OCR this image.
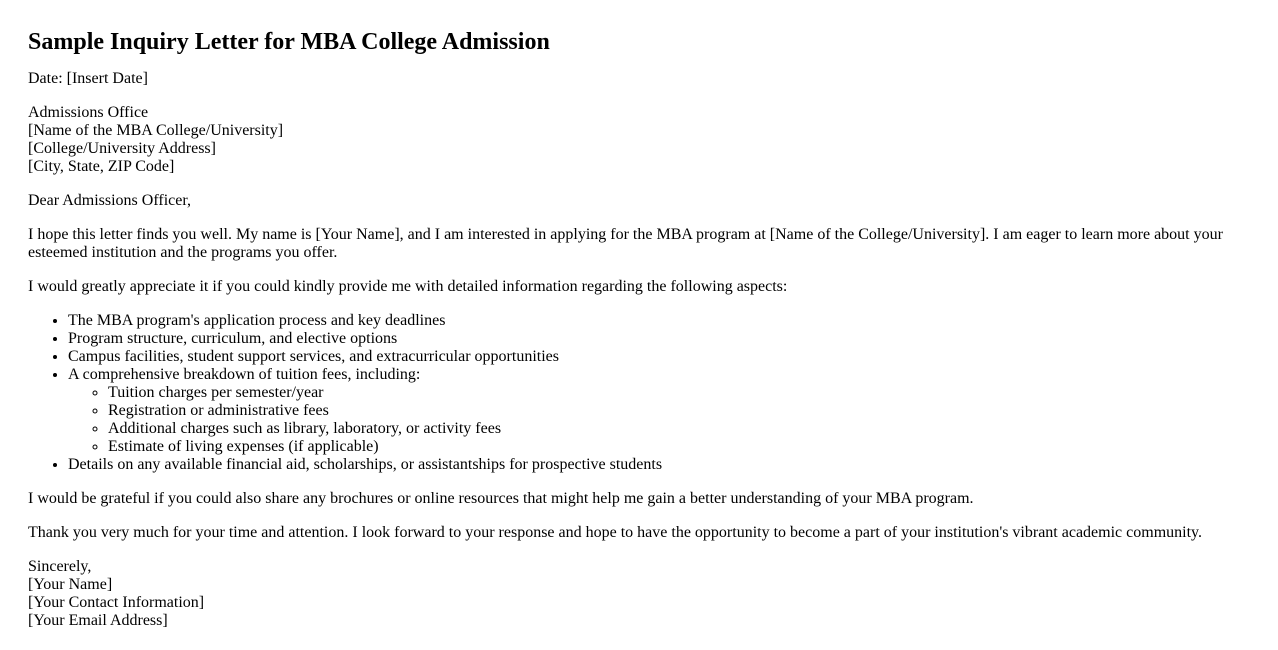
Sample Inquiry Letter for MBA College Admission

Date: [Insert Date]

Admissions Office
[Name of the MBA College/University]
[College/University Address]
[City, State, ZIP Code]

Dear Admissions Officer,

I hope this letter finds you well. My name is [Your Name], and I am interested in applying for the MBA program at [Name of the College/University]. I am eager to learn more about your esteemed institution and the programs you offer.

I would greatly appreciate it if you could kindly provide me with detailed information regarding the following aspects:

• The MBA program's application process and key deadlines
• Program structure, curriculum, and elective options
• Campus facilities, student support services, and extracurricular opportunities
• A comprehensive breakdown of tuition fees, including:
◦ Tuition charges per semester/year
◦ Registration or administrative fees
◦ Additional charges such as library, laboratory, or activity fees
◦ Estimate of living expenses (if applicable)
• Details on any available financial aid, scholarships, or assistantships for prospective students

I would be grateful if you could also share any brochures or online resources that might help me gain a better understanding of your MBA program.

Thank you very much for your time and attention. I look forward to your response and hope to have the opportunity to become a part of your institution's vibrant academic community.

Sincerely,
[Your Name]
[Your Contact Information]
[Your Email Address]
